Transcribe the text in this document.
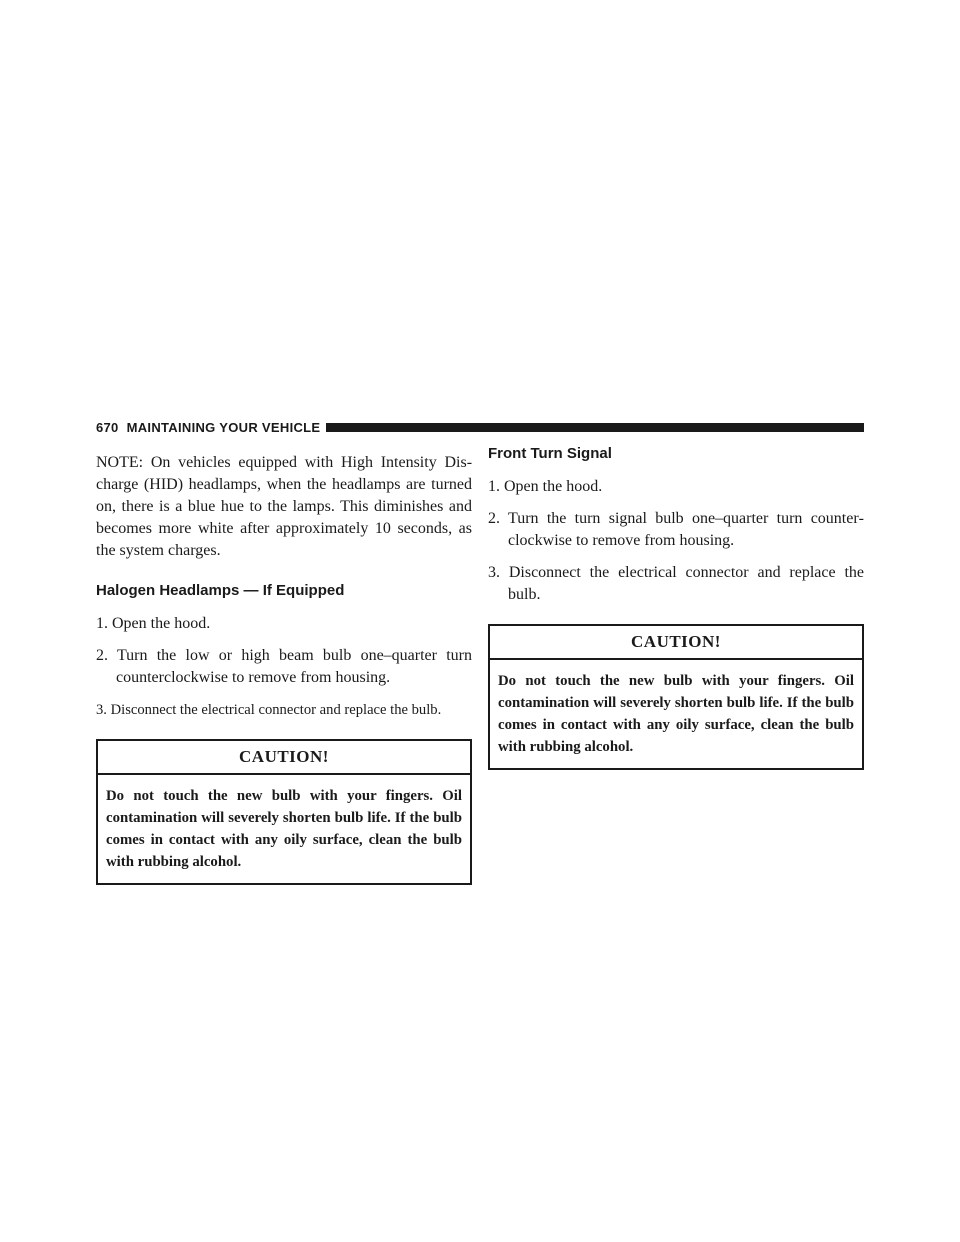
670 MAINTAINING YOUR VEHICLE

NOTE: On vehicles equipped with High Intensity Discharge (HID) headlamps, when the headlamps are turned on, there is a blue hue to the lamps. This diminishes and becomes more white after approximately 10 seconds, as the system charges.

Halogen Headlamps — If Equipped

1. Open the hood.

2. Turn the low or high beam bulb one–quarter turn counterclockwise to remove from housing.

3. Disconnect the electrical connector and replace the bulb.

CAUTION!
Do not touch the new bulb with your fingers. Oil contamination will severely shorten bulb life. If the bulb comes in contact with any oily surface, clean the bulb with rubbing alcohol.
Front Turn Signal

1. Open the hood.

2. Turn the turn signal bulb one–quarter turn counterclockwise to remove from housing.

3. Disconnect the electrical connector and replace the bulb.

CAUTION!
Do not touch the new bulb with your fingers. Oil contamination will severely shorten bulb life. If the bulb comes in contact with any oily surface, clean the bulb with rubbing alcohol.
